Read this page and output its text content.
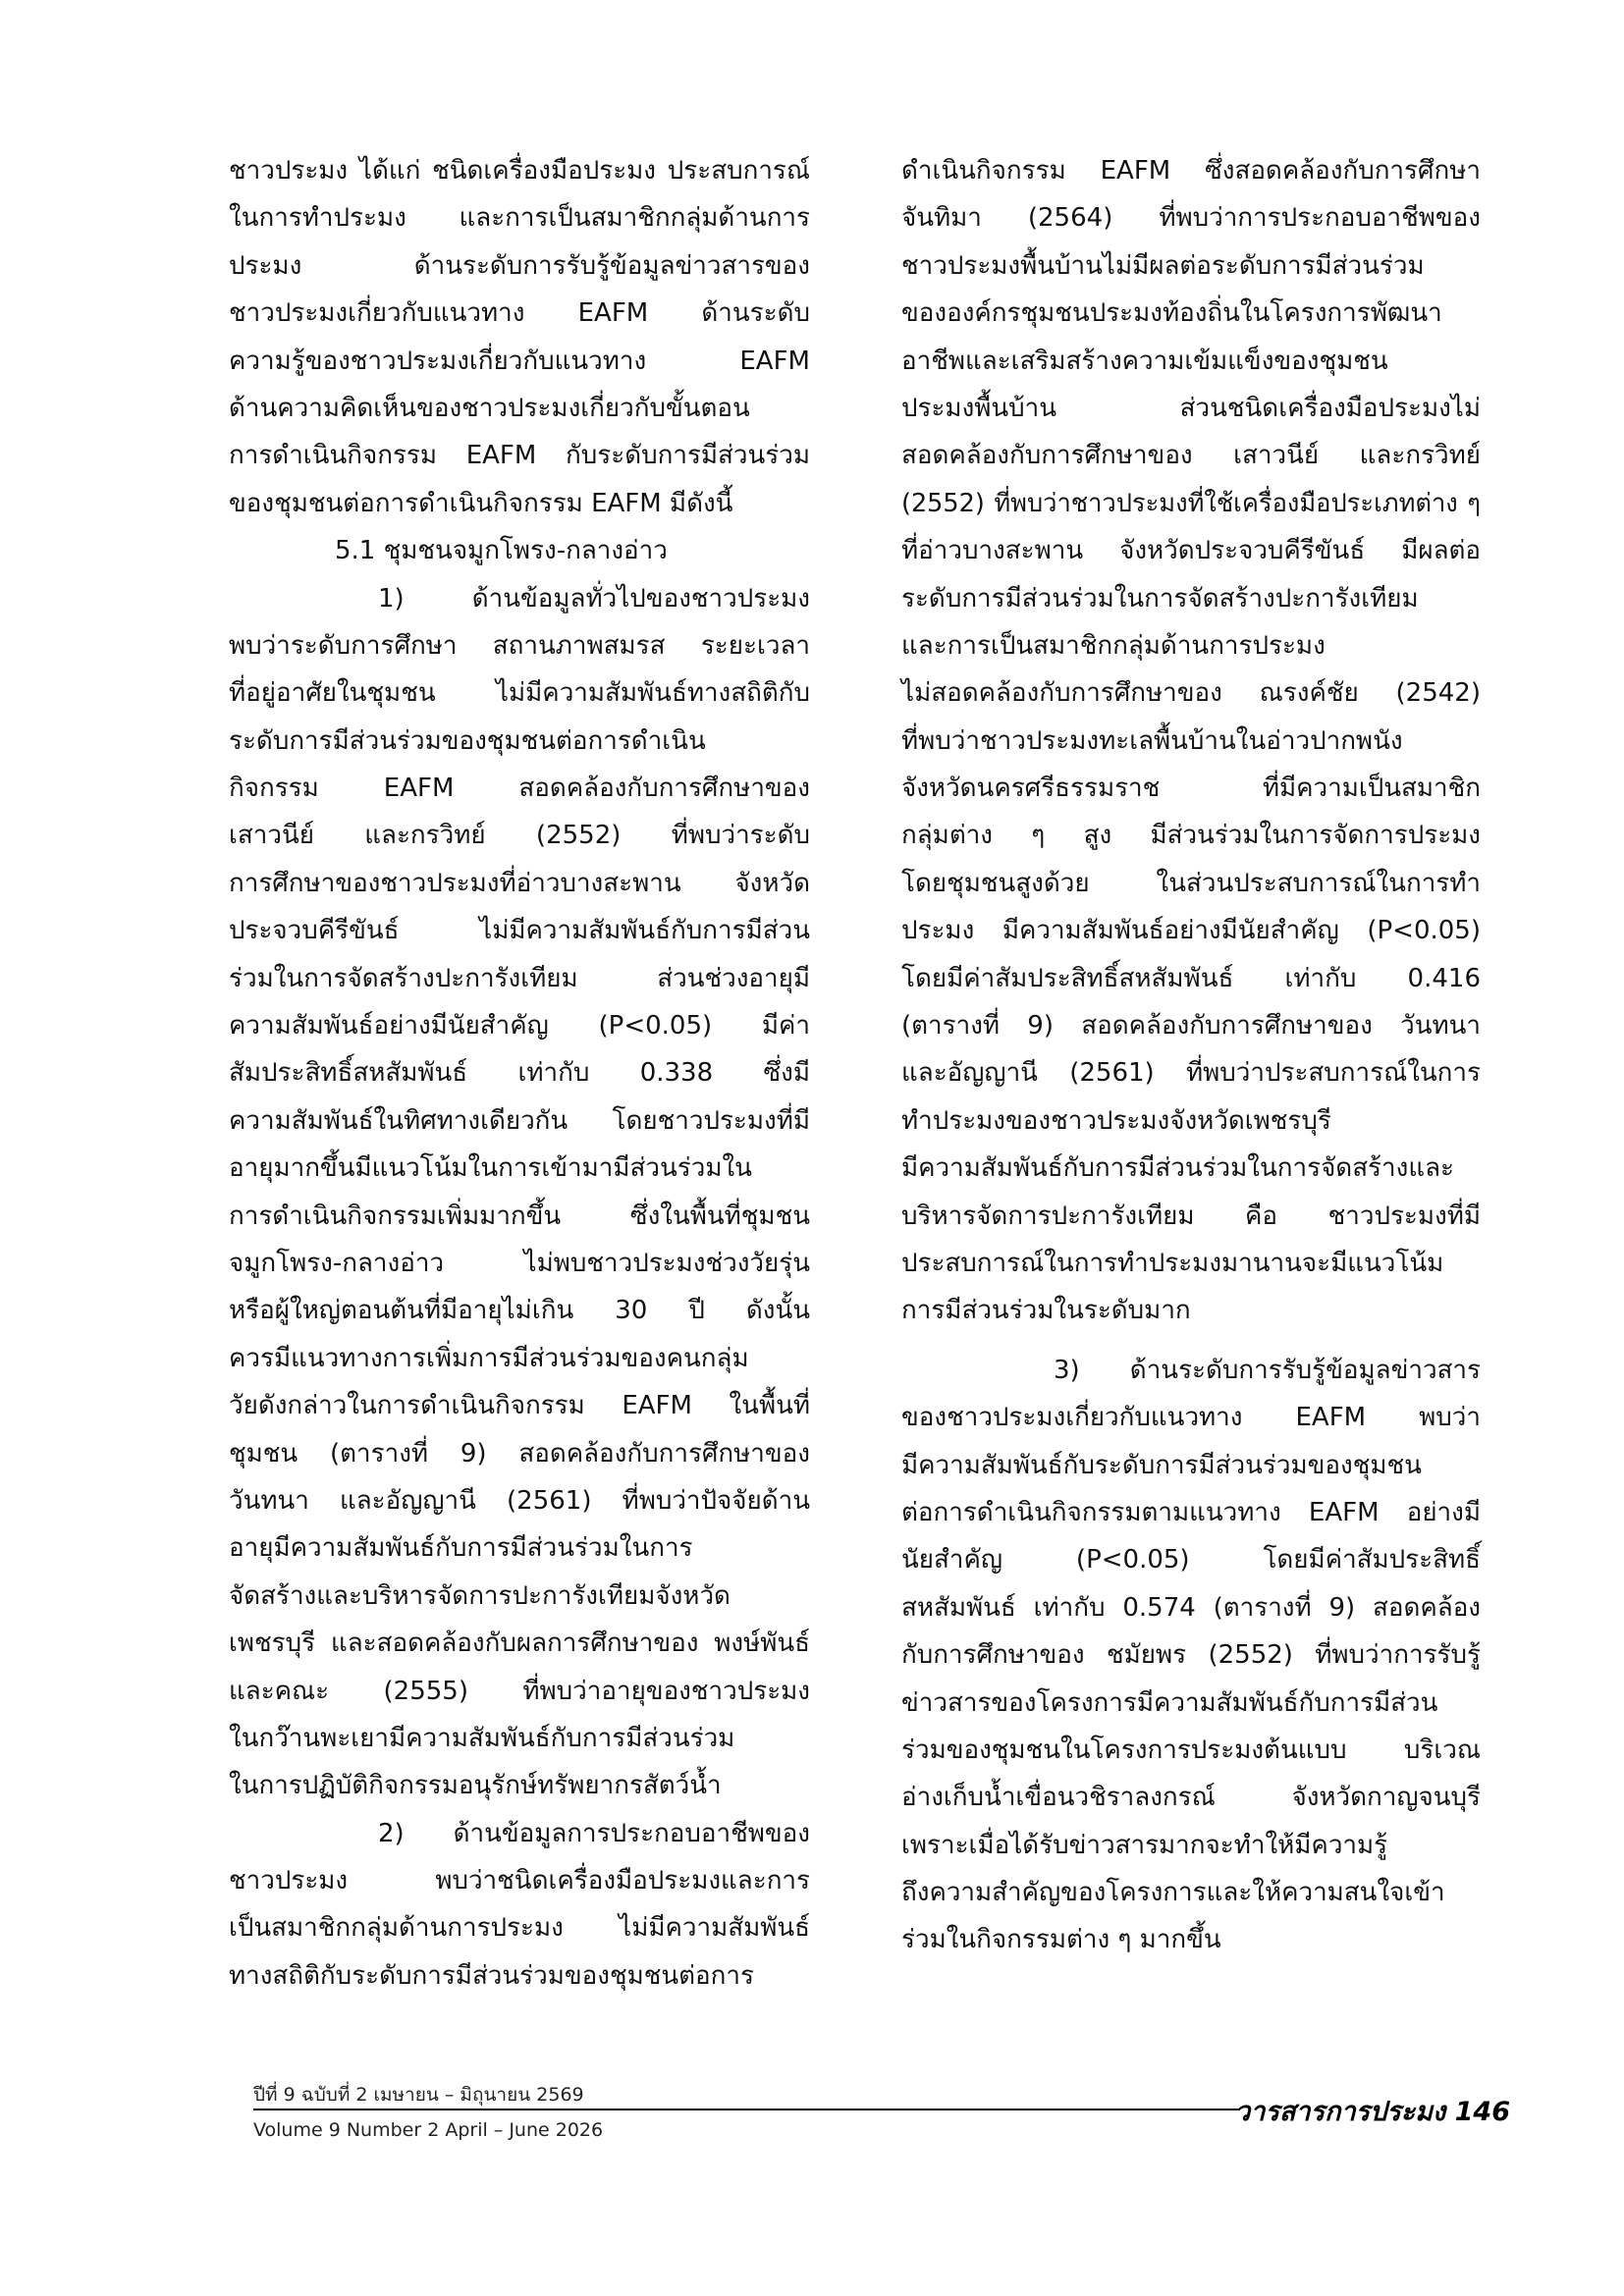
ชาวประมง ได้แก่ ชนิดเครื่องมือประมง ประสบการณ์
ในการทำประมง และการเป็นสมาชิกกลุ่มด้านการ
ประมง ด้านระดับการรับรู้ข้อมูลข่าวสารของ
ชาวประมงเกี่ยวกับแนวทาง EAFM ด้านระดับ
ความรู้ของชาวประมงเกี่ยวกับแนวทาง EAFM
ด้านความคิดเห็นของชาวประมงเกี่ยวกับขั้นตอน
การดำเนินกิจกรรม EAFM กับระดับการมีส่วนร่วม
ของชุมชนต่อการดำเนินกิจกรรม EAFM มีดังนี้
5.1 ชุมชนจมูกโพรง-กลางอ่าว
1) ด้านข้อมูลทั่วไปของชาวประมง
พบว่าระดับการศึกษา สถานภาพสมรส ระยะเวลา
ที่อยู่อาศัยในชุมชน ไม่มีความสัมพันธ์ทางสถิติกับ
ระดับการมีส่วนร่วมของชุมชนต่อการดำเนิน
กิจกรรม EAFM สอดคล้องกับการศึกษาของ
เสาวนีย์ และกรวิทย์ (2552) ที่พบว่าระดับ
การศึกษาของชาวประมงที่อ่าวบางสะพาน จังหวัด
ประจวบคีรีขันธ์ ไม่มีความสัมพันธ์กับการมีส่วน
ร่วมในการจัดสร้างปะการังเทียม ส่วนช่วงอายุมี
ความสัมพันธ์อย่างมีนัยสำคัญ (P<0.05) มีค่า
สัมประสิทธิ์สหสัมพันธ์ เท่ากับ 0.338 ซึ่งมี
ความสัมพันธ์ในทิศทางเดียวกัน โดยชาวประมงที่มี
อายุมากขึ้นมีแนวโน้มในการเข้ามามีส่วนร่วมใน
การดำเนินกิจกรรมเพิ่มมากขึ้น ซึ่งในพื้นที่ชุมชน
จมูกโพรง-กลางอ่าว ไม่พบชาวประมงช่วงวัยรุ่น
หรือผู้ใหญ่ตอนต้นที่มีอายุไม่เกิน 30 ปี ดังนั้น
ควรมีแนวทางการเพิ่มการมีส่วนร่วมของคนกลุ่ม
วัยดังกล่าวในการดำเนินกิจกรรม EAFM ในพื้นที่
ชุมชน (ตารางที่ 9) สอดคล้องกับการศึกษาของ
วันทนา และอัญญานี (2561) ที่พบว่าปัจจัยด้าน
อายุมีความสัมพันธ์กับการมีส่วนร่วมในการ
จัดสร้างและบริหารจัดการปะการังเทียมจังหวัด
เพชรบุรี และสอดคล้องกับผลการศึกษาของ พงษ์พันธ์
และคณะ (2555) ที่พบว่าอายุของชาวประมง
ในกว๊านพะเยามีความสัมพันธ์กับการมีส่วนร่วม
ในการปฏิบัติกิจกรรมอนุรักษ์ทรัพยากรสัตว์น้ำ
2) ด้านข้อมูลการประกอบอาชีพของ
ชาวประมง พบว่าชนิดเครื่องมือประมงและการ
เป็นสมาชิกกลุ่มด้านการประมง ไม่มีความสัมพันธ์
ทางสถิติกับระดับการมีส่วนร่วมของชุมชนต่อการ
ดำเนินกิจกรรม EAFM ซึ่งสอดคล้องกับการศึกษา
จันทิมา (2564) ที่พบว่าการประกอบอาชีพของ
ชาวประมงพื้นบ้านไม่มีผลต่อระดับการมีส่วนร่วม
ขององค์กรชุมชนประมงท้องถิ่นในโครงการพัฒนา
อาชีพและเสริมสร้างความเข้มแข็งของชุมชน
ประมงพื้นบ้าน ส่วนชนิดเครื่องมือประมงไม่
สอดคล้องกับการศึกษาของ เสาวนีย์ และกรวิทย์
(2552) ที่พบว่าชาวประมงที่ใช้เครื่องมือประเภทต่าง ๆ
ที่อ่าวบางสะพาน จังหวัดประจวบคีรีขันธ์ มีผลต่อ
ระดับการมีส่วนร่วมในการจัดสร้างปะการังเทียม
และการเป็นสมาชิกกลุ่มด้านการประมง
ไม่สอดคล้องกับการศึกษาของ ณรงค์ชัย (2542)
ที่พบว่าชาวประมงทะเลพื้นบ้านในอ่าวปากพนัง
จังหวัดนครศรีธรรมราช ที่มีความเป็นสมาชิก
กลุ่มต่าง ๆ สูง มีส่วนร่วมในการจัดการประมง
โดยชุมชนสูงด้วย ในส่วนประสบการณ์ในการทำ
ประมง มีความสัมพันธ์อย่างมีนัยสำคัญ (P<0.05)
โดยมีค่าสัมประสิทธิ์สหสัมพันธ์ เท่ากับ 0.416
(ตารางที่ 9) สอดคล้องกับการศึกษาของ วันทนา
และอัญญานี (2561) ที่พบว่าประสบการณ์ในการ
ทำประมงของชาวประมงจังหวัดเพชรบุรี
มีความสัมพันธ์กับการมีส่วนร่วมในการจัดสร้างและ
บริหารจัดการปะการังเทียม คือ ชาวประมงที่มี
ประสบการณ์ในการทำประมงมานานจะมีแนวโน้ม
การมีส่วนร่วมในระดับมาก
3) ด้านระดับการรับรู้ข้อมูลข่าวสาร
ของชาวประมงเกี่ยวกับแนวทาง EAFM พบว่า
มีความสัมพันธ์กับระดับการมีส่วนร่วมของชุมชน
ต่อการดำเนินกิจกรรมตามแนวทาง EAFM อย่างมี
นัยสำคัญ (P<0.05) โดยมีค่าสัมประสิทธิ์
สหสัมพันธ์ เท่ากับ 0.574 (ตารางที่ 9) สอดคล้อง
กับการศึกษาของ ชมัยพร (2552) ที่พบว่าการรับรู้
ข่าวสารของโครงการมีความสัมพันธ์กับการมีส่วน
ร่วมของชุมชนในโครงการประมงต้นแบบ บริเวณ
อ่างเก็บน้ำเขื่อนวชิราลงกรณ์ จังหวัดกาญจนบุรี
เพราะเมื่อได้รับข่าวสารมากจะทำให้มีความรู้
ถึงความสำคัญของโครงการและให้ความสนใจเข้า
ร่วมในกิจกรรมต่าง ๆ มากขึ้น
ปีที่ 9 ฉบับที่ 2 เมษายน – มิถุนายน 2569
วารสารการประมง 146
Volume 9 Number 2 April – June 2026
